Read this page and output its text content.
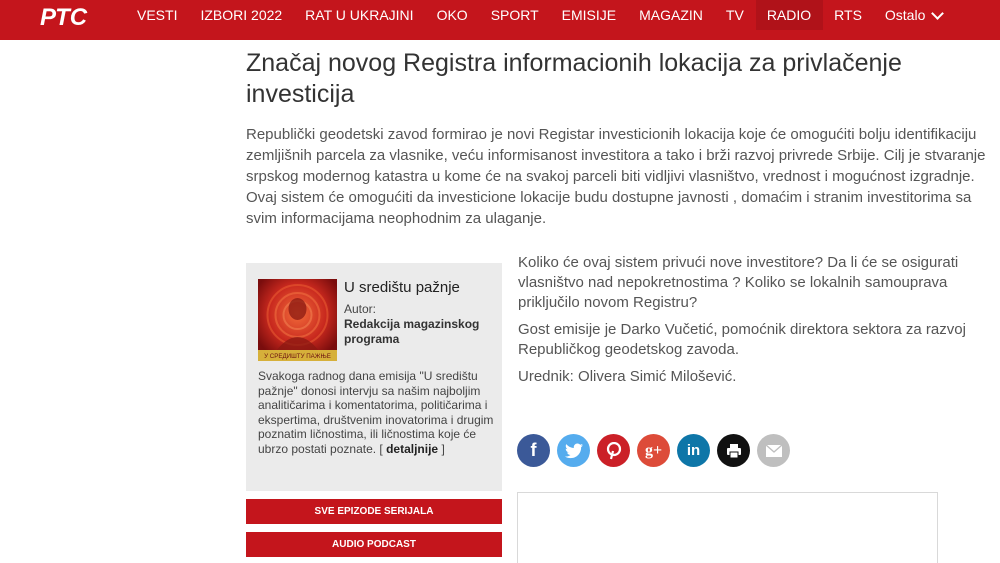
РТС	VESTI	IZBORI 2022	RAT U UKRAJINI	OKO	SPORT	EMISIJE	MAGAZIN	TV	RADIO	RTS	Ostalo
Značaj novog Registra informacionih lokacija za privlačenje investicija

Republički geodetski zavod formirao je novi Registar investicionih lokacija koje će omogućiti bolju identifikaciju zemljišnih parcela za vlasnike, veću informisanost investitora a tako i brži razvoj privrede Srbije. Cilj je stvaranje srpskog modernog katastra u kome će na svakoj parceli biti vidljivi vlasništvo, vrednost i mogućnost izgradnje. Ovaj sistem će omogućiti da investicione lokacije budu dostupne javnosti , domaćim i stranim investitorima sa svim informacijama neophodnim za ulaganje.

У СРЕДИШТУ ПАЖЊЕ
U središtu pažnje
Autor:
Redakcija magazinskog programa
Svakoga radnog dana emisija "U središtu pažnje" donosi intervju sa našim najboljim analitičarima i komentatorima, političarima i ekspertima, društvenim inovatorima i drugim poznatim ličnostima, ili ličnostima koje će ubrzo postati poznate. [ detaljnije ]
SVE EPIZODE SERIJALA
AUDIO PODCAST

Koliko će ovaj sistem privući nove investitore? Da li će se osigurati vlasništvo nad nepokretnostima ? Koliko se lokalnih samouprava priključilo novom Registru?

Gost emisije je Darko Vučetić, pomoćnik direktora sektora za razvoj Republičkog geodetskog zavoda.

Urednik: Olivera Simić Milošević.

f	g+ in
